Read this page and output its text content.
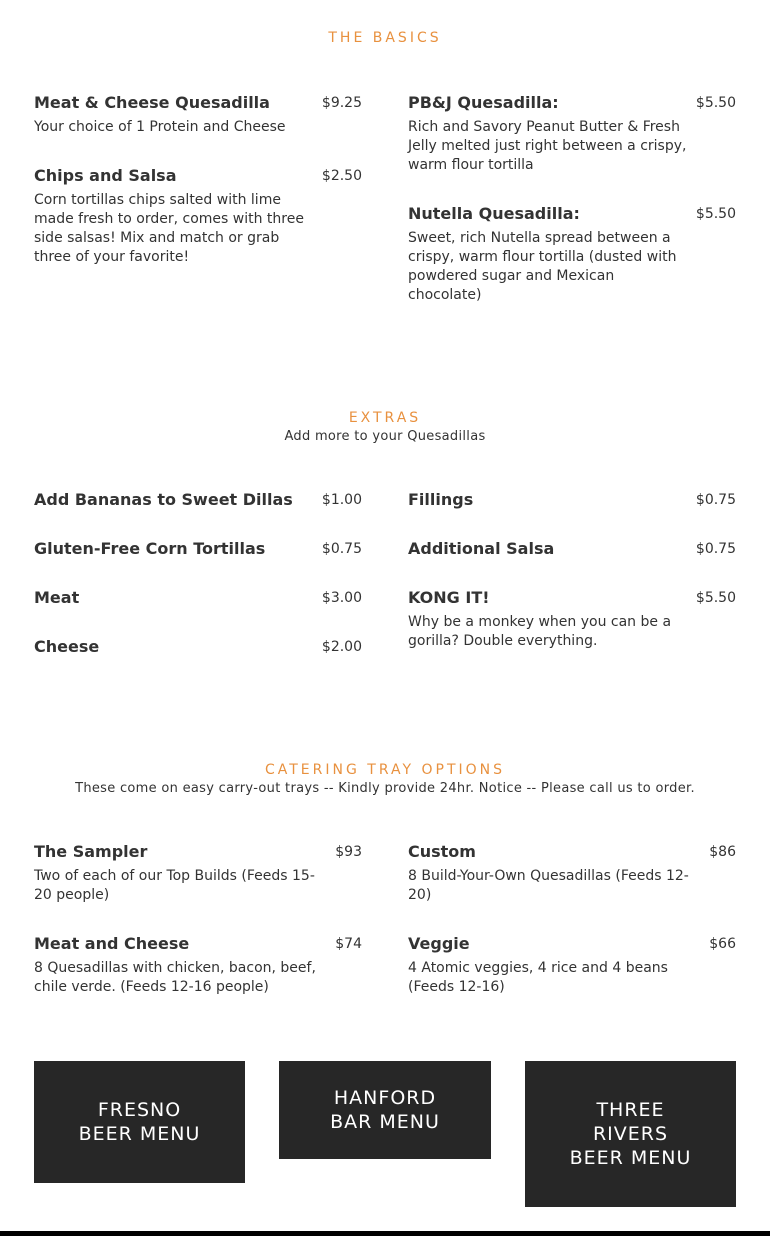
THE BASICS
Meat & Cheese Quesadilla	$9.25
Your choice of 1 Protein and Cheese
Chips and Salsa	$2.50
Corn tortillas chips salted with lime made fresh to order, comes with three side salsas! Mix and match or grab three of your favorite!
PB&J Quesadilla:	$5.50
Rich and Savory Peanut Butter & Fresh Jelly melted just right between a crispy, warm flour tortilla
Nutella Quesadilla:	$5.50
Sweet, rich Nutella spread between a crispy, warm flour tortilla (dusted with powdered sugar and Mexican chocolate)
EXTRAS
Add more to your Quesadillas
Add Bananas to Sweet Dillas	$1.00
Gluten-Free Corn Tortillas	$0.75
Meat	$3.00
Cheese	$2.00
Fillings	$0.75
Additional Salsa	$0.75
KONG IT!	$5.50
Why be a monkey when you can be a gorilla? Double everything.
CATERING TRAY OPTIONS
These come on easy carry-out trays -- Kindly provide 24hr. Notice -- Please call us to order.
The Sampler	$93
Two of each of our Top Builds (Feeds 15-20 people)
Meat and Cheese	$74
8 Quesadillas with chicken, bacon, beef, chile verde. (Feeds 12-16 people)
Custom	$86
8 Build-Your-Own Quesadillas (Feeds 12-20)
Veggie	$66
4 Atomic veggies, 4 rice and 4 beans (Feeds 12-16)
FRESNO BEER MENU
HANFORD BAR MENU
THREE RIVERS BEER MENU
